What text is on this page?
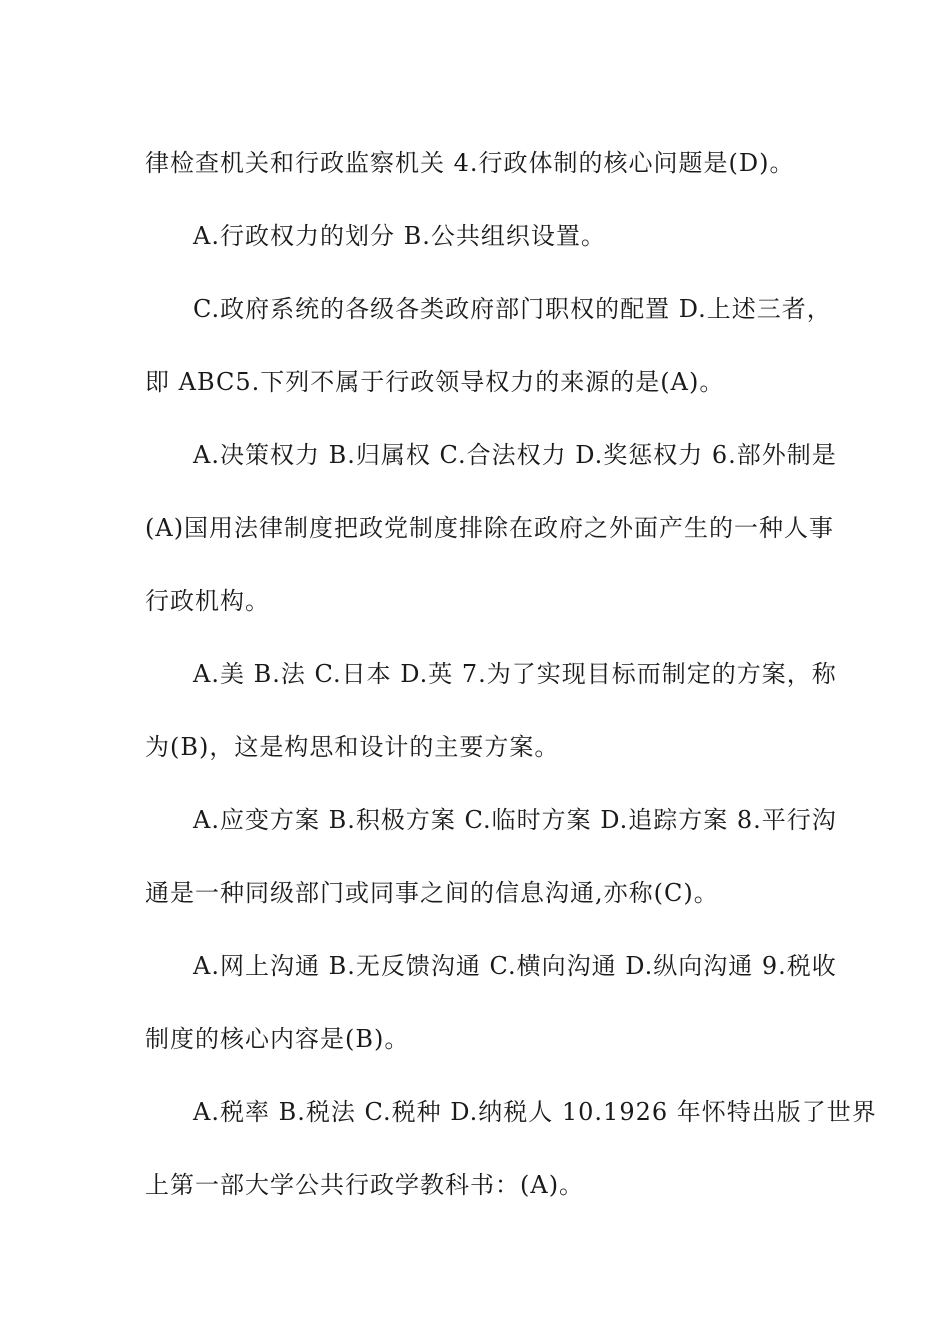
律检查机关和行政监察机关 4.行政体制的核心问题是(D)。

A.行政权力的划分 B.公共组织设置。

C.政府系统的各级各类政府部门职权的配置 D.上述三者，

即 ABC5.下列不属于行政领导权力的来源的是(A)。

A.决策权力 B.归属权 C.合法权力 D.奖惩权力 6.部外制是

(A)国用法律制度把政党制度排除在政府之外面产生的一种人事

行政机构。

A.美 B.法 C.日本 D.英 7.为了实现目标而制定的方案，称

为(B)，这是构思和设计的主要方案。

A.应变方案 B.积极方案 C.临时方案 D.追踪方案 8.平行沟

通是一种同级部门或同事之间的信息沟通,亦称(C)。

A.网上沟通 B.无反馈沟通 C.横向沟通 D.纵向沟通 9.税收

制度的核心内容是(B)。

A.税率 B.税法 C.税种 D.纳税人 10.1926 年怀特出版了世界

上第一部大学公共行政学教科书：(A)。
